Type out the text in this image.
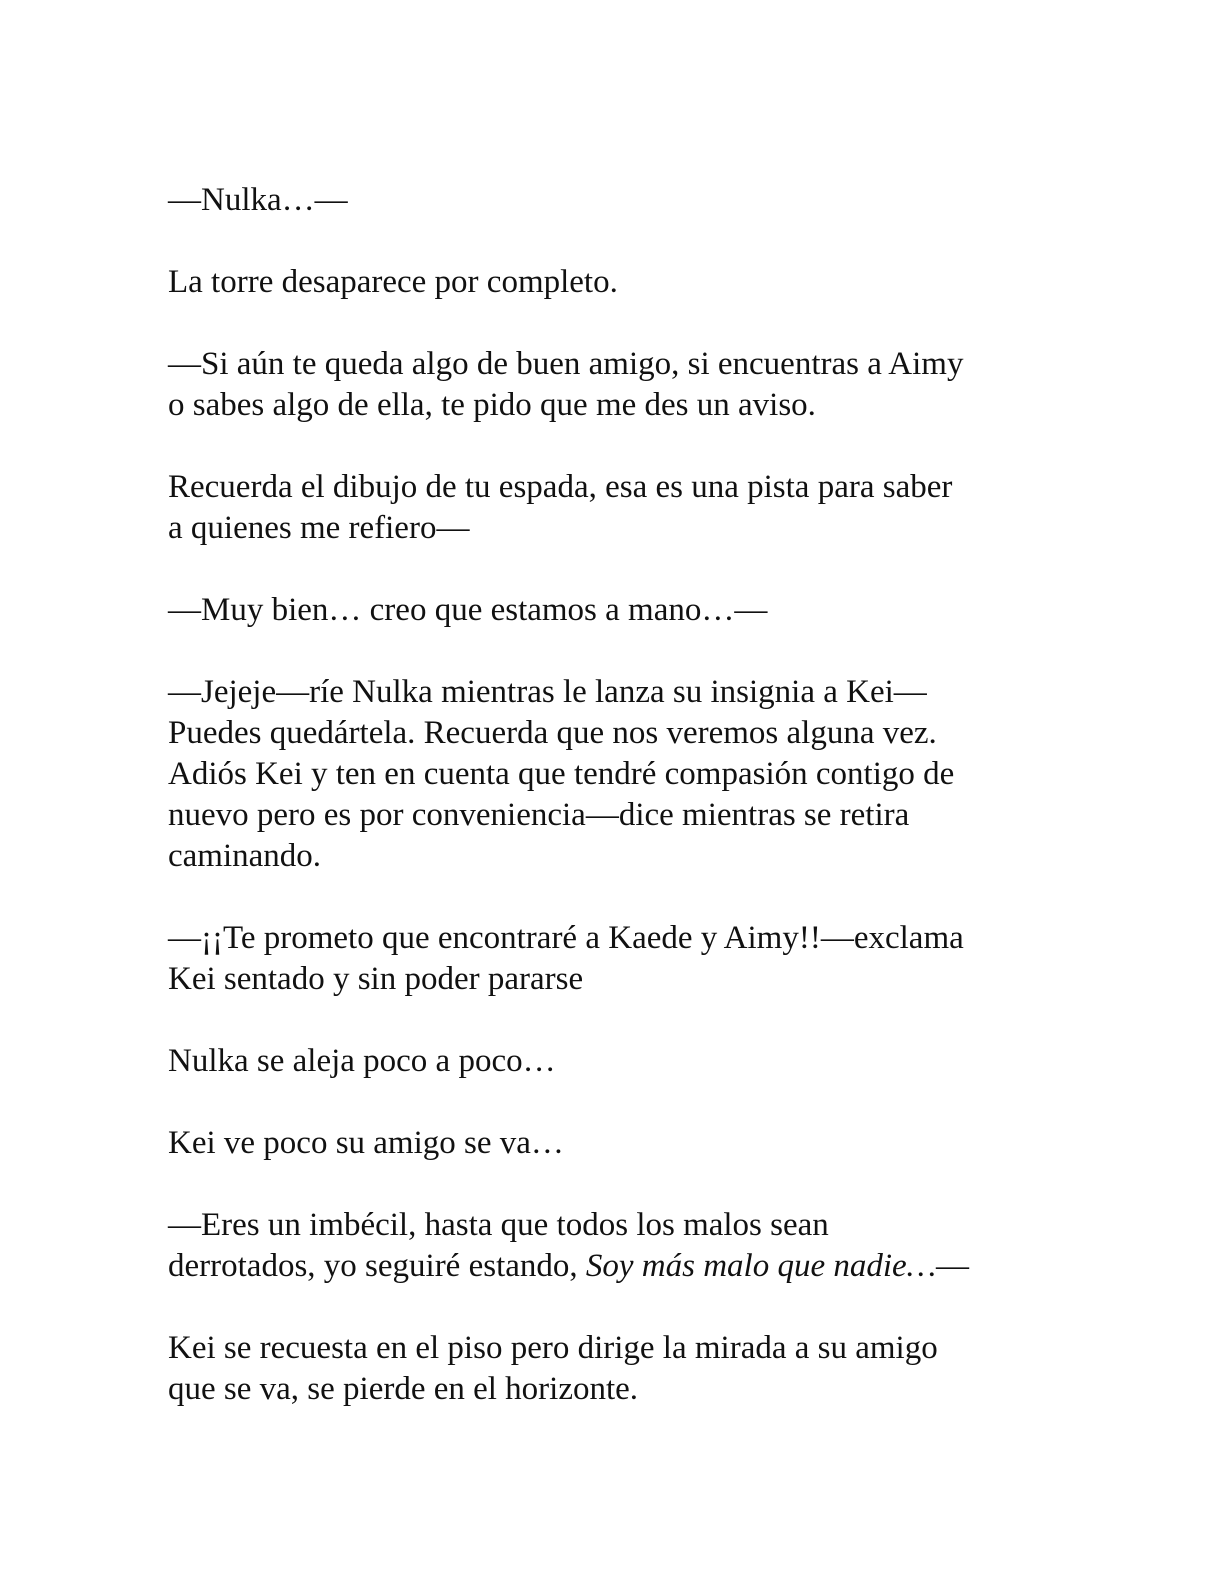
—Nulka…—

La torre desaparece por completo.

—Si aún te queda algo de buen amigo, si encuentras a Aimy
o sabes algo de ella, te pido que me des un aviso.

Recuerda el dibujo de tu espada, esa es una pista para saber
a quienes me refiero—

—Muy bien… creo que estamos a mano…—

—Jejeje—ríe Nulka mientras le lanza su insignia a Kei—
Puedes quedártela. Recuerda que nos veremos alguna vez.
Adiós Kei y ten en cuenta que tendré compasión contigo de
nuevo pero es por conveniencia—dice mientras se retira
caminando.

—¡¡Te prometo que encontraré a Kaede y Aimy!!—exclama
Kei sentado y sin poder pararse

Nulka se aleja poco a poco…

Kei ve poco su amigo se va…

—Eres un imbécil, hasta que todos los malos sean
derrotados, yo seguiré estando, Soy más malo que nadie…—

Kei se recuesta en el piso pero dirige la mirada a su amigo
que se va, se pierde en el horizonte.
